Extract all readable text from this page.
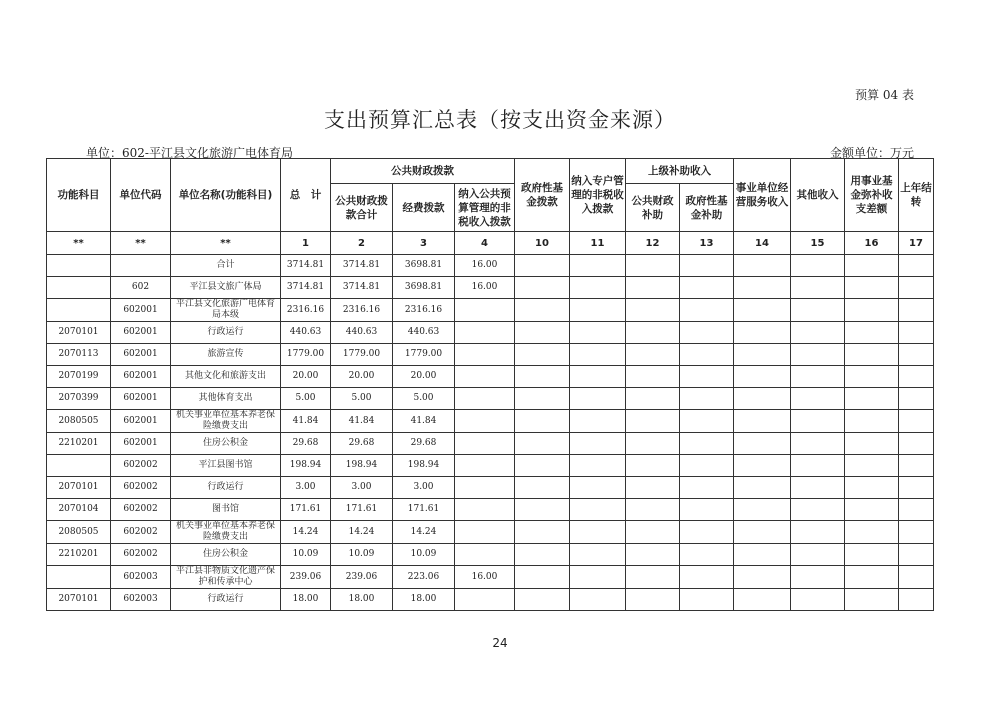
预算 04 表
支出预算汇总表（按支出资金来源）
单位：602-平江县文化旅游广电体育局	金额单位：万元
功能科目	单位代码	单位名称(功能科目)	总　计	公共财政拨款			政府性基金拨款	纳入专户管理的非税收入拨款	上级补助收入		事业单位经营服务收入	其他收入	用事业基金弥补收支差额	上年结转
				公共财政拨款合计	经费拨款	纳入公共预算管理的非税收入拨款			公共财政补助	政府性基金补助				
**	**	**	1	2	3	4	10	11	12	13	14	15	16	17
		合计	3714.81	3714.81	3698.81	16.00								
	602	平江县文旅广体局	3714.81	3714.81	3698.81	16.00								
	602001	平江县文化旅游广电体育局本级	2316.16	2316.16	2316.16									
2070101	602001	行政运行	440.63	440.63	440.63									
2070113	602001	旅游宣传	1779.00	1779.00	1779.00									
2070199	602001	其他文化和旅游支出	20.00	20.00	20.00									
2070399	602001	其他体育支出	5.00	5.00	5.00									
2080505	602001	机关事业单位基本养老保险缴费支出	41.84	41.84	41.84									
2210201	602001	住房公积金	29.68	29.68	29.68									
	602002	平江县图书馆	198.94	198.94	198.94									
2070101	602002	行政运行	3.00	3.00	3.00									
2070104	602002	图书馆	171.61	171.61	171.61									
2080505	602002	机关事业单位基本养老保险缴费支出	14.24	14.24	14.24									
2210201	602002	住房公积金	10.09	10.09	10.09									
	602003	平江县非物质文化遗产保护和传承中心	239.06	239.06	223.06	16.00								
2070101	602003	行政运行	18.00	18.00	18.00									
24
